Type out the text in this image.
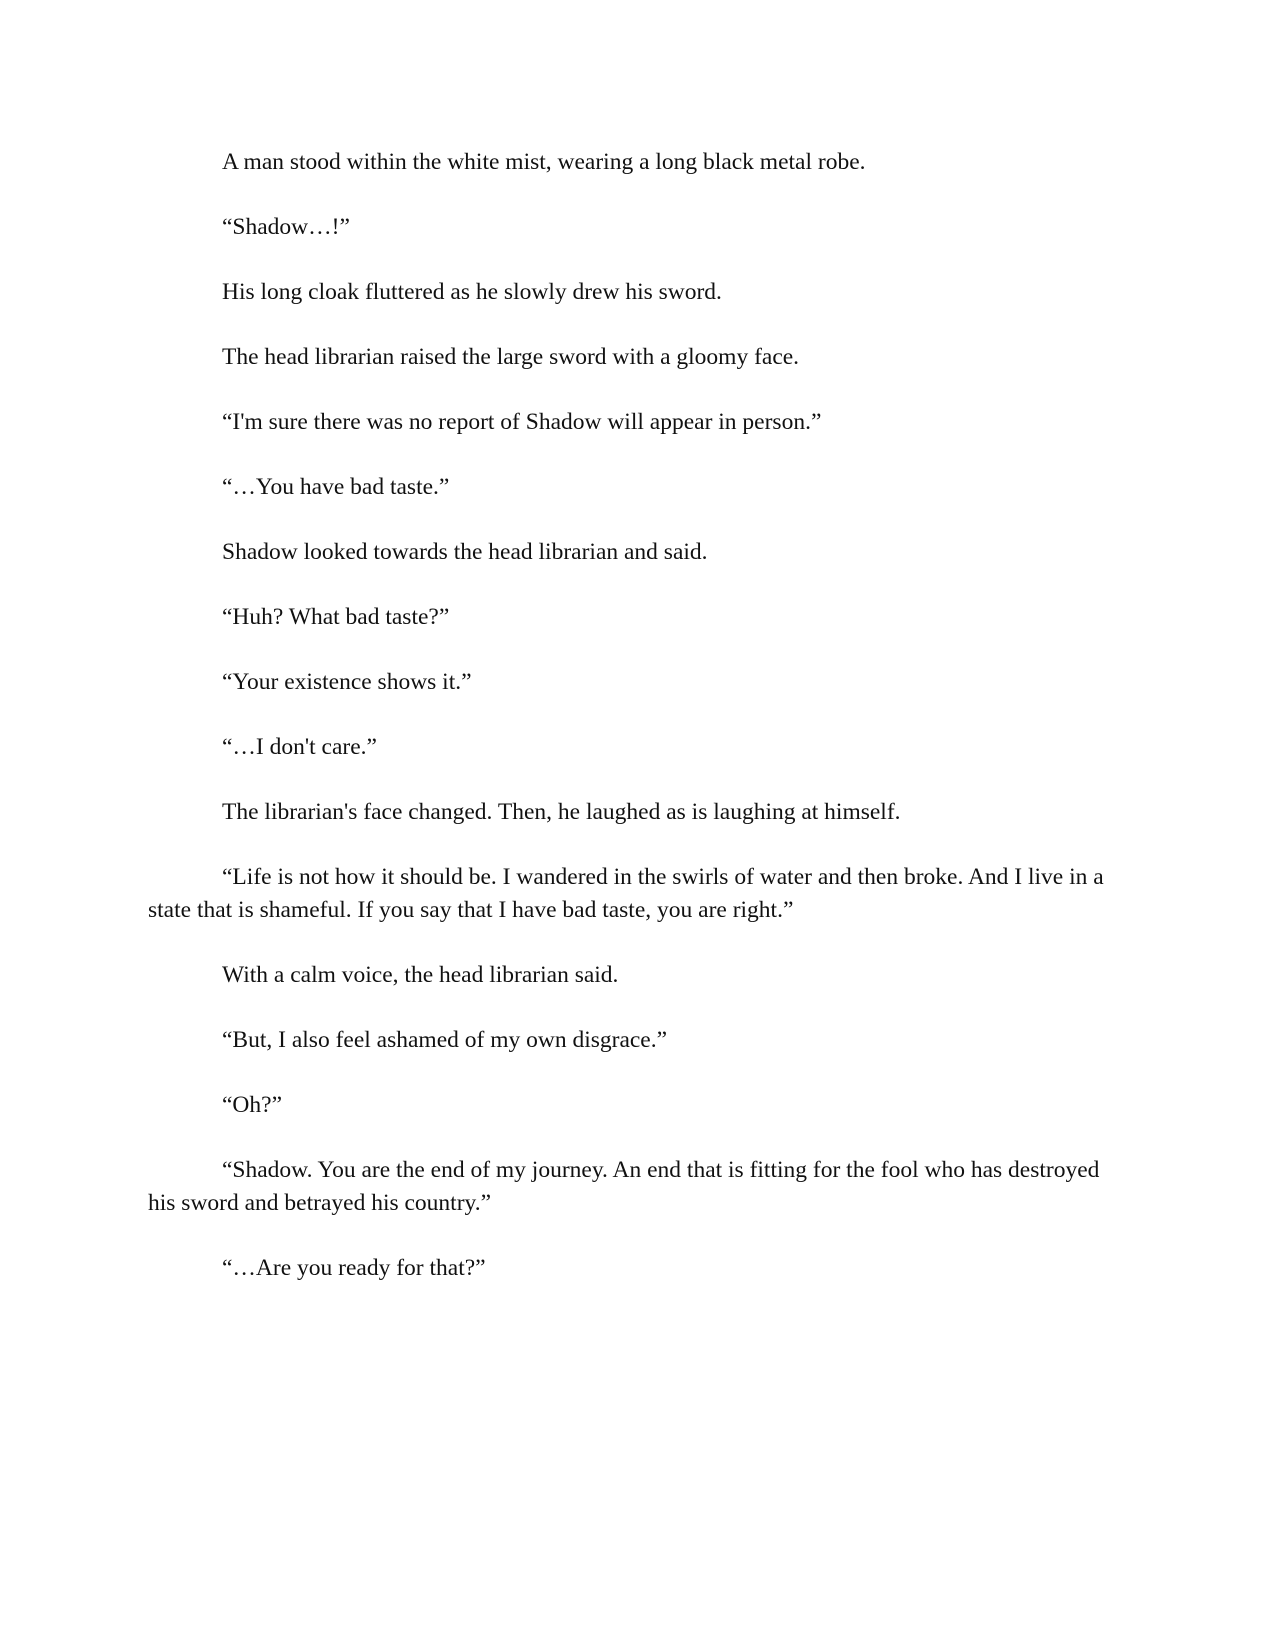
A man stood within the white mist, wearing a long black metal robe.

“Shadow…!”

His long cloak fluttered as he slowly drew his sword.

The head librarian raised the large sword with a gloomy face.

“I'm sure there was no report of Shadow will appear in person.”

“…You have bad taste.”

Shadow looked towards the head librarian and said.

“Huh? What bad taste?”

“Your existence shows it.”

“…I don't care.”

The librarian's face changed. Then, he laughed as is laughing at himself.

“Life is not how it should be. I wandered in the swirls of water and then broke. And I live in a state that is shameful. If you say that I have bad taste, you are right.”

With a calm voice, the head librarian said.

“But, I also feel ashamed of my own disgrace.”

“Oh?”

“Shadow. You are the end of my journey. An end that is fitting for the fool who has destroyed his sword and betrayed his country.”

“…Are you ready for that?”
